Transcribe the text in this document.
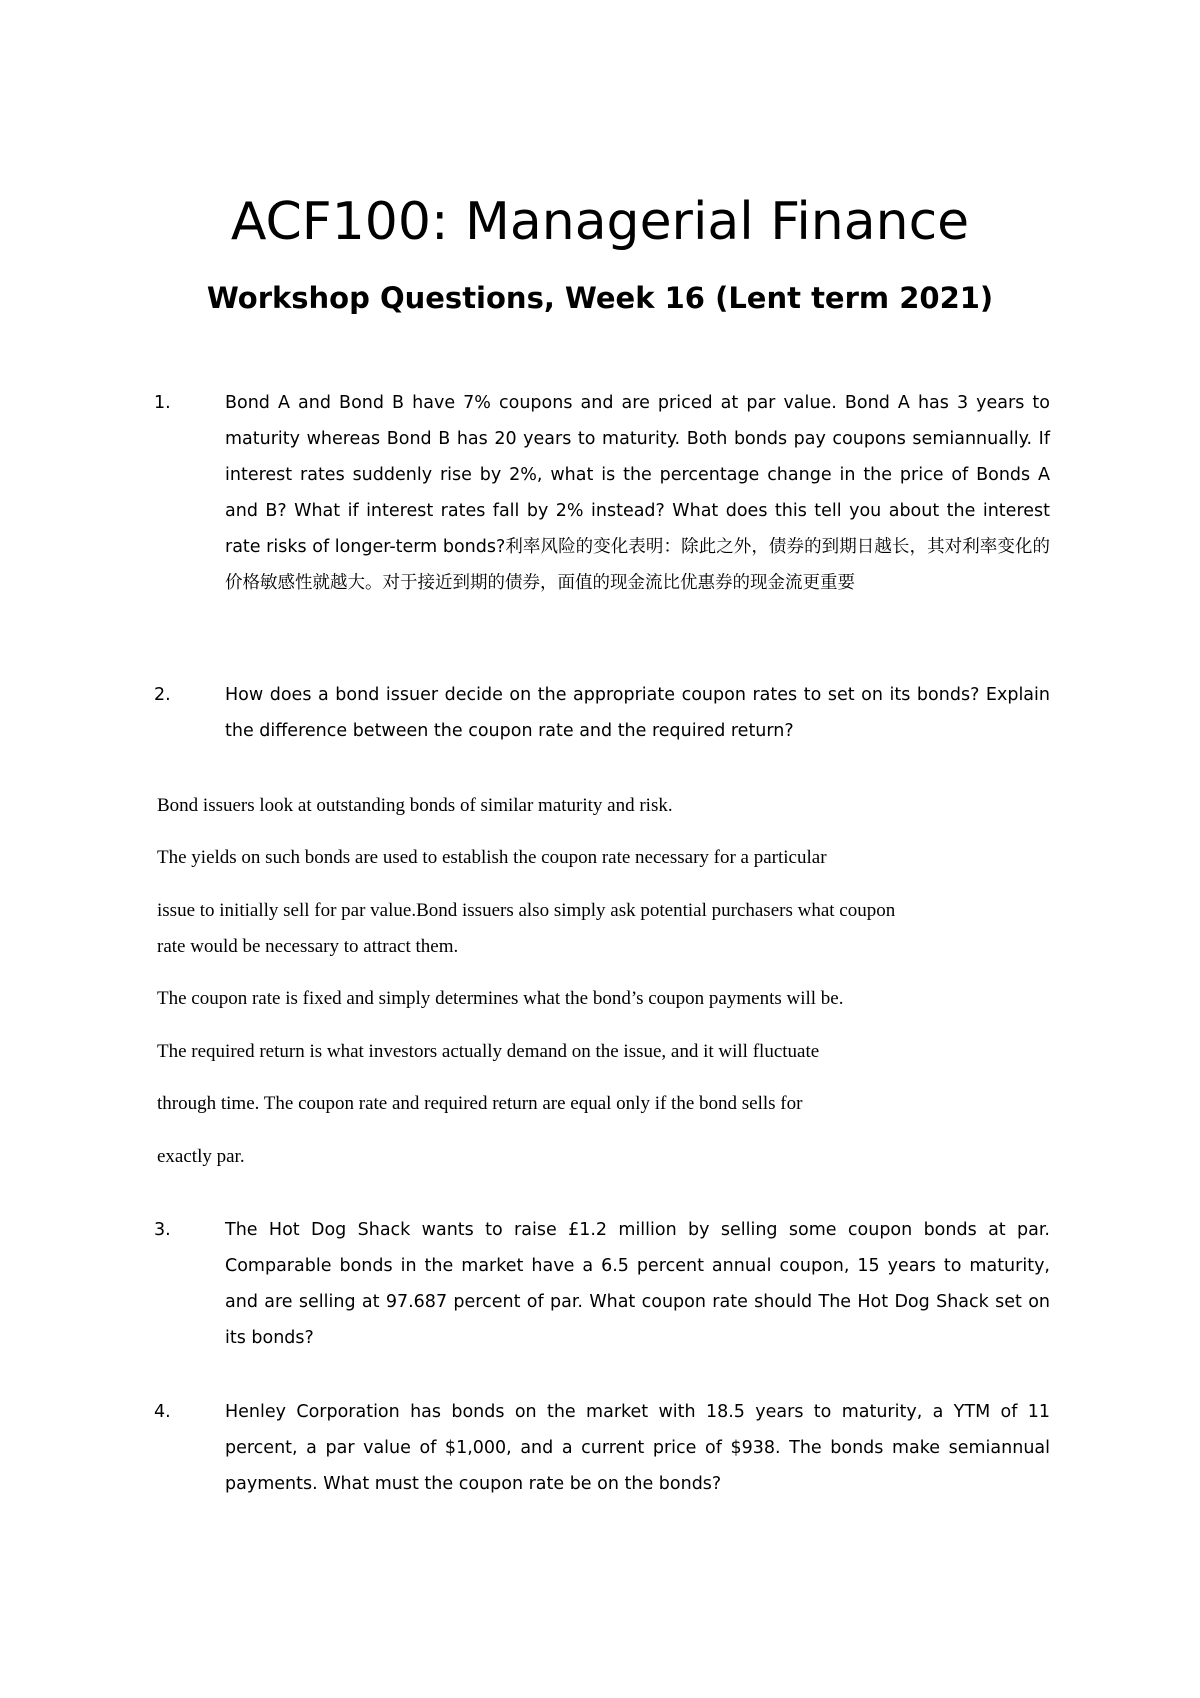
ACF100: Managerial Finance
Workshop Questions, Week 16 (Lent term 2021)
1.	Bond A and Bond B have 7% coupons and are priced at par value. Bond A has 3 years to maturity whereas Bond B has 20 years to maturity. Both bonds pay coupons semiannually. If interest rates suddenly rise by 2%, what is the percentage change in the price of Bonds A and B? What if interest rates fall by 2% instead? What does this tell you about the interest rate risks of longer-term bonds?利率风险的变化表明：除此之外，债券的到期日越长，其对利率变化的价格敏感性就越大。对于接近到期的债券，面值的现金流比优惠券的现金流更重要
2.	How does a bond issuer decide on the appropriate coupon rates to set on its bonds? Explain the difference between the coupon rate and the required return?
Bond issuers look at outstanding bonds of similar maturity and risk.
The yields on such bonds are used to establish the coupon rate necessary for a particular
issue to initially sell for par value.Bond issuers also simply ask potential purchasers what coupon
rate would be necessary to attract them.
The coupon rate is fixed and simply determines what the bond’s coupon payments will be.
The required return is what investors actually demand on the issue, and it will fluctuate
through time. The coupon rate and required return are equal only if the bond sells for
exactly par.
3.	The Hot Dog Shack wants to raise £1.2 million by selling some coupon bonds at par. Comparable bonds in the market have a 6.5 percent annual coupon, 15 years to maturity, and are selling at 97.687 percent of par. What coupon rate should The Hot Dog Shack set on its bonds?
4.	Henley Corporation has bonds on the market with 18.5 years to maturity, a YTM of 11 percent, a par value of $1,000, and a current price of $938. The bonds make semiannual payments. What must the coupon rate be on the bonds?
